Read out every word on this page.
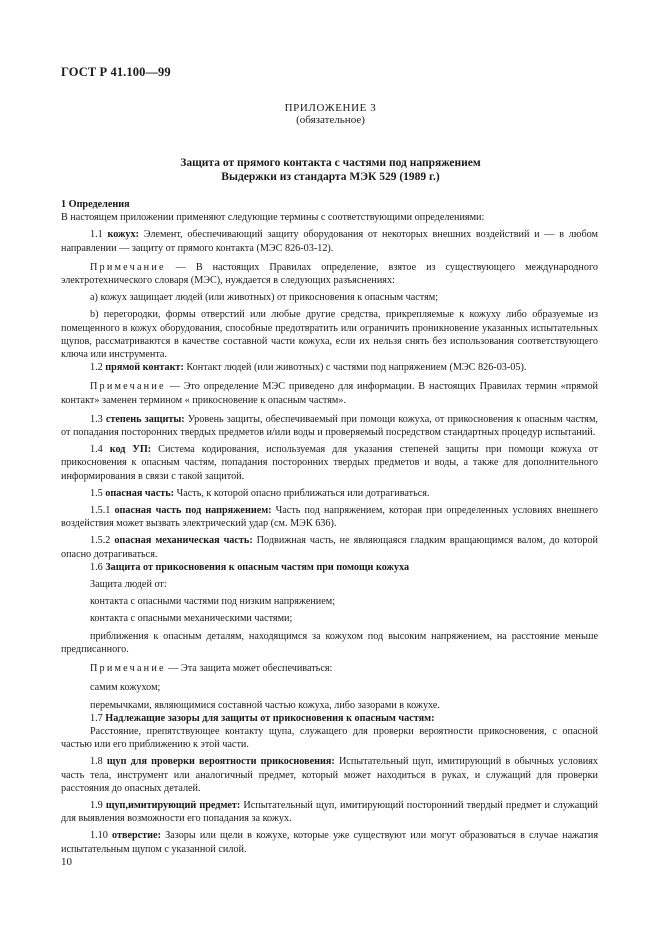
ГОСТ Р 41.100—99
ПРИЛОЖЕНИЕ 3
(обязательное)
Защита от прямого контакта с частями под напряжением
Выдержки из стандарта МЭК 529 (1989 г.)

1 Определения

В настоящем приложении применяют следующие термины с соответствующими определениями:

1.1 кожух: Элемент, обеспечивающий защиту оборудования от некоторых внешних воздействий и — в любом направлении — защиту от прямого контакта (МЭС 826-03-12).

Примечание — В настоящих Правилах определение, взятое из существующего международного электротехнического словаря (МЭС), нуждается в следующих разъяснениях:

а) кожух защищает людей (или животных) от прикосновения к опасным частям;

b) перегородки, формы отверстий или любые другие средства, прикрепляемые к кожуху либо образуемые из помещенного в кожух оборудования, способные предотвратить или ограничить проникновение указанных испытательных щупов, рассматриваются в качестве составной части кожуха, если их нельзя снять без использования соответствующего ключа или инструмента.

1.2 прямой контакт: Контакт людей (или животных) с частями под напряжением (МЭС 826-03-05).

Примечание — Это определение МЭС приведено для информации. В настоящих Правилах термин «прямой контакт» заменен термином « прикосновение к опасным частям».

1.3 степень защиты: Уровень защиты, обеспечиваемый при помощи кожуха, от прикосновения к опасным частям, от попадания посторонних твердых предметов и/или воды и проверяемый посредством стандартных процедур испытаний.

1.4 код УП: Система кодирования, используемая для указания степеней защиты при помощи кожуха от прикосновения к опасным частям, попадания посторонних твердых предметов и воды, а также для дополнительного информирования в связи с такой защитой.

1.5 опасная часть: Часть, к которой опасно приближаться или дотрагиваться.

1.5.1 опасная часть под напряжением: Часть под напряжением, которая при определенных условиях внешнего воздействия может вызвать электрический удар (см. МЭК 636).

1.5.2 опасная механическая часть: Подвижная часть, не являющаяся гладким вращающимся валом, до которой опасно дотрагиваться.

1.6 Защита от прикосновения к опасным частям при помощи кожуха

Защита людей от:

контакта с опасными частями под низким напряжением;

контакта с опасными механическими частями;

приближения к опасным деталям, находящимся за кожухом под высоким напряжением, на расстояние меньше предписанного.

Примечание — Эта защита может обеспечиваться:

самим кожухом;

перемычками, являющимися составной частью кожуха, либо зазорами в кожухе.

1.7 Надлежащие зазоры для защиты от прикосновения к опасным частям:

Расстояние, препятствующее контакту щупа, служащего для проверки вероятности прикосновения, с опасной частью или его приближению к этой части.

1.8 щуп для проверки вероятности прикосновения: Испытательный щуп, имитирующий в обычных условиях часть тела, инструмент или аналогичный предмет, который может находиться в руках, и служащий для проверки расстояния до опасных деталей.

1.9 щуп,имитирующий предмет: Испытательный щуп, имитирующий посторонний твердый предмет и служащий для выявления возможности его попадания за кожух.

1.10 отверстие: Зазоры или щели в кожухе, которые уже существуют или могут образоваться в случае нажатия испытательным щупом с указанной силой.

10
